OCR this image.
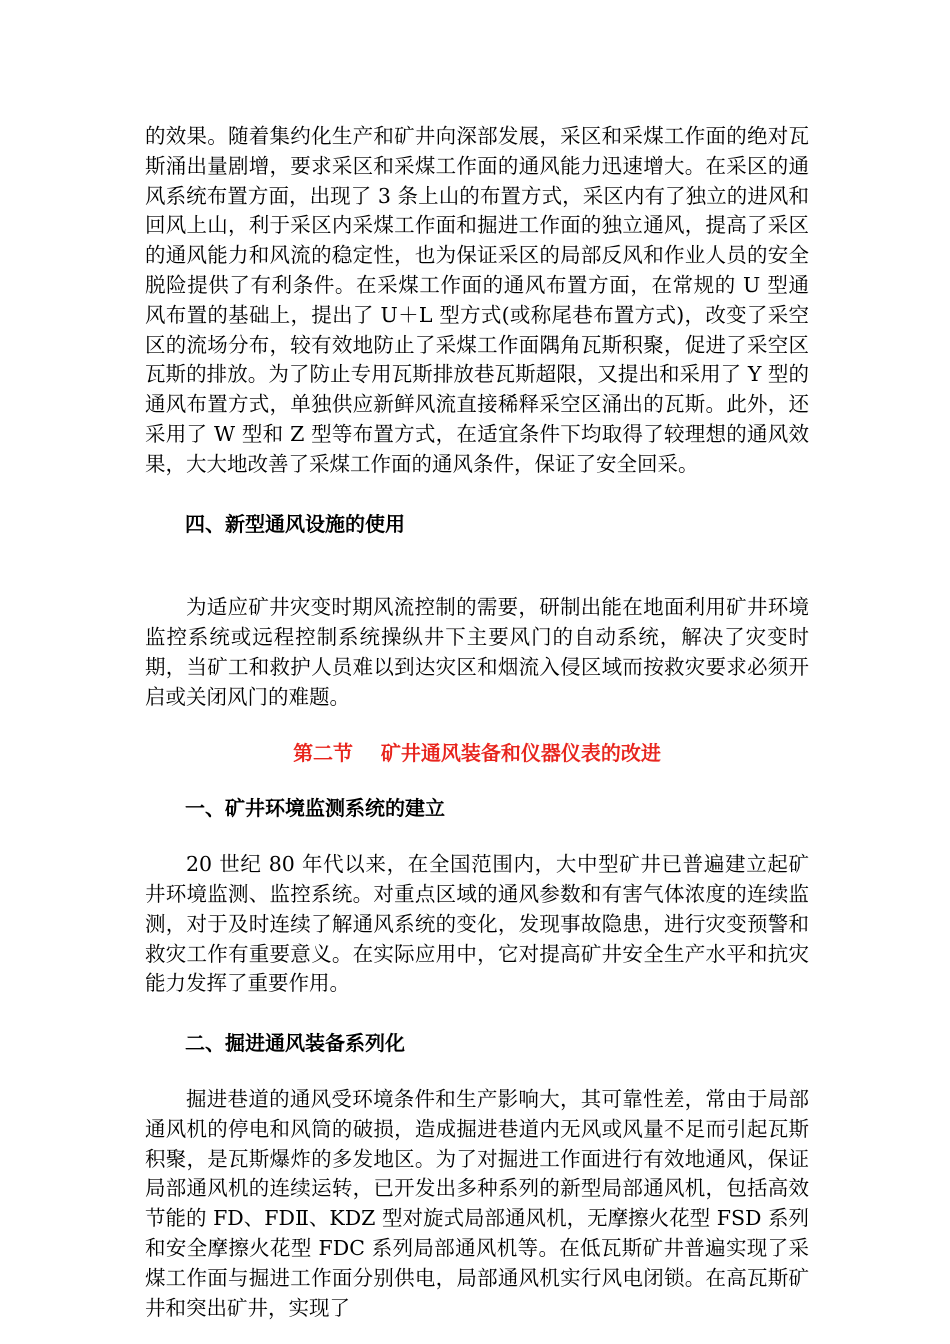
的效果。随着集约化生产和矿井向深部发展，采区和采煤工作面的绝对瓦斯涌出量剧增，要求采区和采煤工作面的通风能力迅速增大。在采区的通风系统布置方面，出现了 3 条上山的布置方式，采区内有了独立的进风和回风上山，利于采区内采煤工作面和掘进工作面的独立通风，提高了采区的通风能力和风流的稳定性，也为保证采区的局部反风和作业人员的安全脱险提供了有利条件。在采煤工作面的通风布置方面，在常规的 U 型通风布置的基础上，提出了 U＋L 型方式(或称尾巷布置方式)，改变了采空区的流场分布，较有效地防止了采煤工作面隅角瓦斯积聚，促进了采空区瓦斯的排放。为了防止专用瓦斯排放巷瓦斯超限，又提出和采用了 Y 型的通风布置方式，单独供应新鲜风流直接稀释采空区涌出的瓦斯。此外，还采用了 W 型和 Z 型等布置方式，在适宜条件下均取得了较理想的通风效果，大大地改善了采煤工作面的通风条件，保证了安全回采。

四、新型通风设施的使用

为适应矿井灾变时期风流控制的需要，研制出能在地面利用矿井环境监控系统或远程控制系统操纵井下主要风门的自动系统，解决了灾变时期，当矿工和救护人员难以到达灾区和烟流入侵区域而按救灾要求必须开启或关闭风门的难题。

第二节    矿井通风装备和仪器仪表的改进

一、矿井环境监测系统的建立

20 世纪 80 年代以来，在全国范围内，大中型矿井已普遍建立起矿井环境监测、监控系统。对重点区域的通风参数和有害气体浓度的连续监测，对于及时连续了解通风系统的变化，发现事故隐患，进行灾变预警和救灾工作有重要意义。在实际应用中，它对提高矿井安全生产水平和抗灾能力发挥了重要作用。

二、掘进通风装备系列化

掘进巷道的通风受环境条件和生产影响大，其可靠性差，常由于局部通风机的停电和风筒的破损，造成掘进巷道内无风或风量不足而引起瓦斯积聚，是瓦斯爆炸的多发地区。为了对掘进工作面进行有效地通风，保证局部通风机的连续运转，已开发出多种系列的新型局部通风机，包括高效节能的 FD、FDⅡ、KDZ 型对旋式局部通风机，无摩擦火花型 FSD 系列和安全摩擦火花型 FDC 系列局部通风机等。在低瓦斯矿井普遍实现了采煤工作面与掘进工作面分别供电，局部通风机实行风电闭锁。在高瓦斯矿井和突出矿井，实现了
